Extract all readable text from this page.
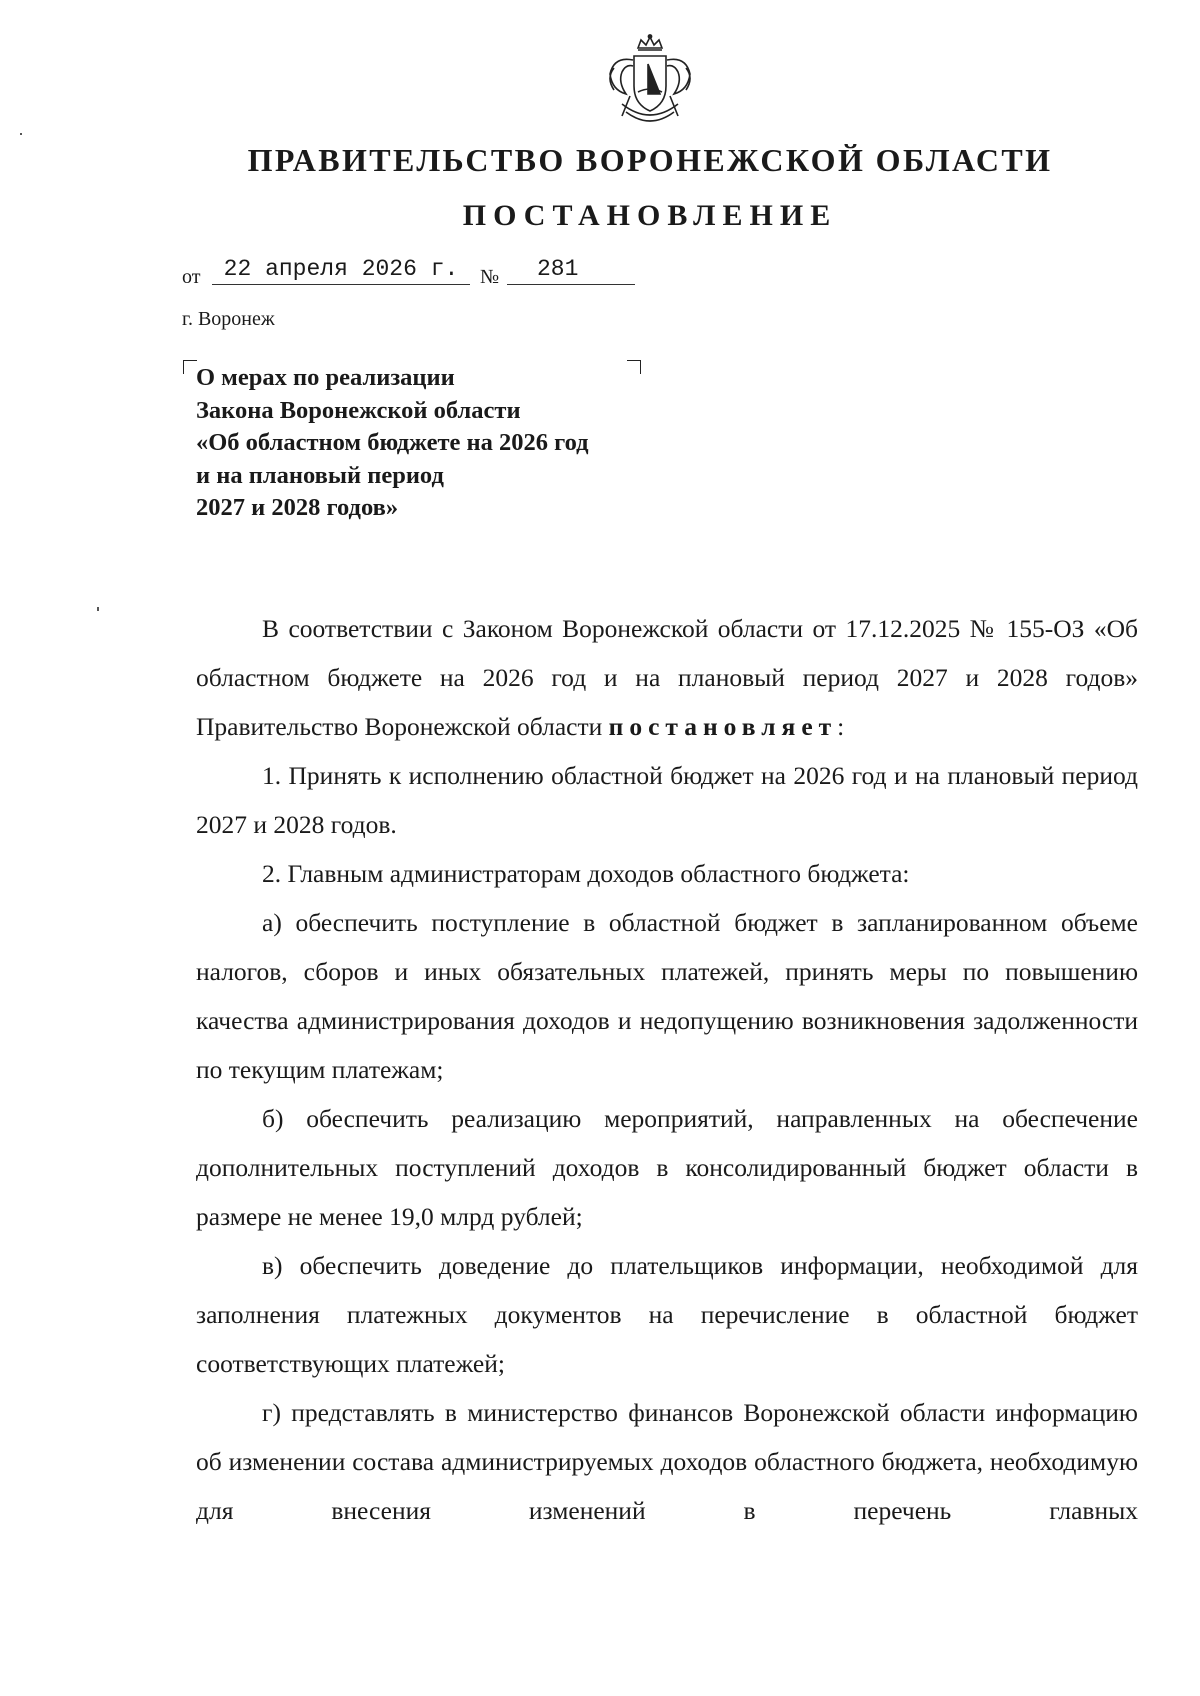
ПРАВИТЕЛЬСТВО ВОРОНЕЖСКОЙ ОБЛАСТИ
ПОСТАНОВЛЕНИЕ
от	22 апреля 2026 г.	№	281
г. Воронеж
О мерах по реализации
Закона Воронежской области
«Об областном бюджете на 2026 год
и на плановый период
2027 и 2028 годов»

В соответствии с Законом Воронежской области от 17.12.2025 № 155-ОЗ «Об областном бюджете на 2026 год и на плановый период 2027 и 2028 годов» Правительство Воронежской области постановляет:

1. Принять к исполнению областной бюджет на 2026 год и на плановый период 2027 и 2028 годов.

2. Главным администраторам доходов областного бюджета:

а) обеспечить поступление в областной бюджет в запланированном объеме налогов, сборов и иных обязательных платежей, принять меры по повышению качества администрирования доходов и недопущению возникновения задолженности по текущим платежам;

б) обеспечить реализацию мероприятий, направленных на обеспечение дополнительных поступлений доходов в консолидированный бюджет области в размере не менее 19,0 млрд рублей;

в) обеспечить доведение до плательщиков информации, необходимой для заполнения платежных документов на перечисление в областной бюджет соответствующих платежей;

г) представлять в министерство финансов Воронежской области информацию об изменении состава администрируемых доходов областного бюджета, необходимую для внесения изменений в перечень главных
